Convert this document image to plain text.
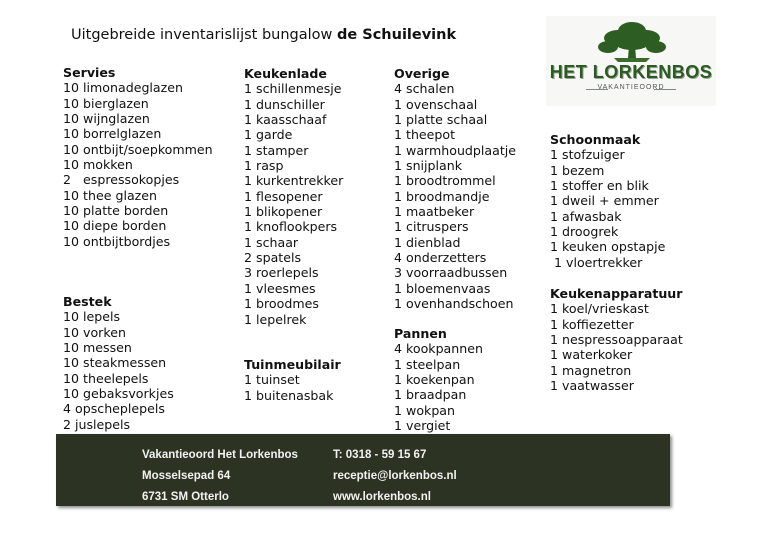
Uitgebreide inventarislijst bungalow de Schuilevink
HET LORKENBOS
VAKANTIEOORD
Servies
10 limonadeglazen
10 bierglazen
10 wijnglazen
10 borrelglazen
10 ontbijt/soepkommen
10 mokken
2   espressokopjes
10 thee glazen
10 platte borden
10 diepe borden
10 ontbijtbordjes
Bestek
10 lepels
10 vorken
10 messen
10 steakmessen
10 theelepels
10 gebaksvorkjes
4 opscheplepels
2 juslepels
Keukenlade
1 schillenmesje
1 dunschiller
1 kaasschaaf
1 garde
1 stamper
1 rasp
1 kurkentrekker
1 flesopener
1 blikopener
1 knoflookpers
1 schaar
2 spatels
3 roerlepels
1 vleesmes
1 broodmes
1 lepelrek
Tuinmeubilair
1 tuinset
1 buitenasbak
Overige
4 schalen
1 ovenschaal
1 platte schaal
1 theepot
1 warmhoudplaatje
1 snijplank
1 broodtrommel
1 broodmandje
1 maatbeker
1 citruspers
1 dienblad
4 onderzetters
3 voorraadbussen
1 bloemenvaas
1 ovenhandschoen
Pannen
4 kookpannen
1 steelpan
1 koekenpan
1 braadpan
1 wokpan
1 vergiet
Schoonmaak
1 stofzuiger
1 bezem
1 stoffer en blik
1 dweil + emmer
1 afwasbak
1 droogrek
1 keuken opstapje
1 vloertrekker
Keukenapparatuur
1 koel/vrieskast
1 koffiezetter
1 nespressoapparaat
1 waterkoker
1 magnetron
1 vaatwasser
Vakantieoord Het Lorkenbos
Mosselsepad 64
6731 SM Otterlo
T: 0318 - 59 15 67
receptie@lorkenbos.nl
www.lorkenbos.nl
